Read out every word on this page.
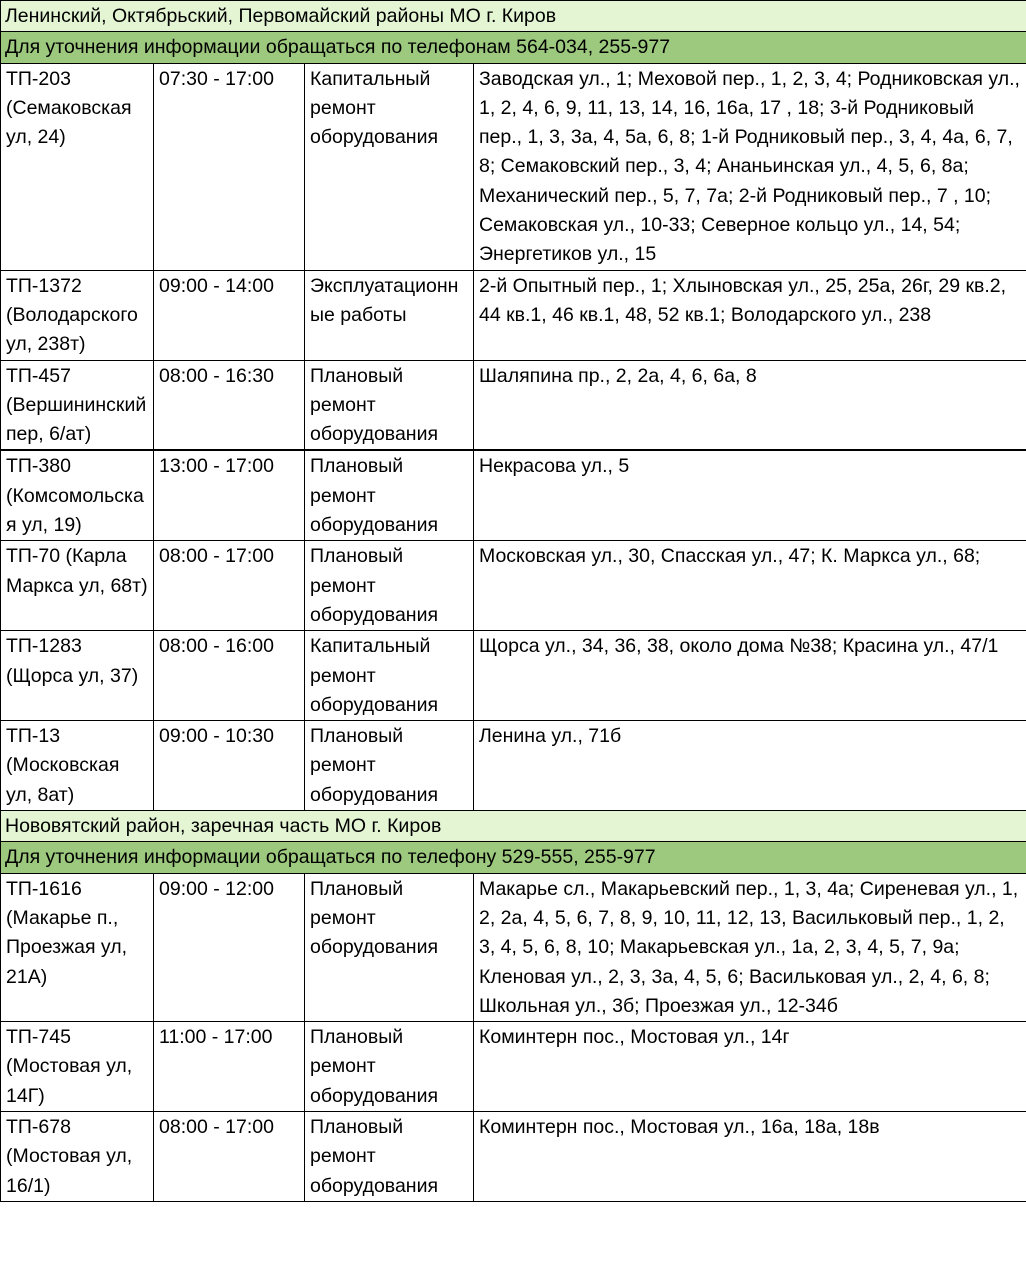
Ленинский, Октябрьский, Первомайский районы МО г. Киров			
Для уточнения информации обращаться по телефонам 564-034, 255-977			
ТП-203 (Семаковская ул, 24)	07:30 - 17:00	Капитальный ремонт оборудования	Заводская ул., 1; Меховой пер., 1, 2, 3, 4; Родниковская ул., 1, 2, 4, 6, 9, 11, 13, 14, 16, 16а, 17 , 18; 3-й Родниковый пер., 1, 3, 3а, 4, 5а, 6, 8; 1-й Родниковый пер., 3, 4, 4а, 6, 7, 8; Семаковский пер., 3, 4; Ананьинская ул., 4, 5, 6, 8а; Механический пер., 5, 7, 7а; 2-й Родниковый пер., 7 , 10; Семаковская ул., 10-33; Северное кольцо ул., 14, 54; Энергетиков ул., 15
ТП-1372 (Володарского ул, 238т)	09:00 - 14:00	Эксплуатационные работы	2-й Опытный пер., 1; Хлыновская ул., 25, 25а, 26г, 29 кв.2, 44 кв.1, 46 кв.1, 48, 52 кв.1; Володарского ул., 238
ТП-457 (Вершининский пер, 6/ат)	08:00 - 16:30	Плановый ремонт оборудования	Шаляпина пр., 2, 2а, 4, 6, 6а, 8
ТП-380 (Комсомольская ул, 19)	13:00 - 17:00	Плановый ремонт оборудования	Некрасова ул., 5
ТП-70 (Карла Маркса ул, 68т)	08:00 - 17:00	Плановый ремонт оборудования	Московская ул., 30, Спасская ул., 47; К. Маркса ул., 68;
ТП-1283 (Щорса ул, 37)	08:00 - 16:00	Капитальный ремонт оборудования	Щорса ул., 34, 36, 38, около дома №38; Красина ул., 47/1
ТП-13 (Московская ул, 8ат)	09:00 - 10:30	Плановый ремонт оборудования	Ленина ул., 71б
Нововятский район, заречная часть МО г. Киров			
Для уточнения информации обращаться по телефону 529-555, 255-977			
ТП-1616 (Макарье п., Проезжая ул, 21А)	09:00 - 12:00	Плановый ремонт оборудования	Макарье сл., Макарьевский пер., 1, 3, 4а; Сиреневая ул., 1, 2, 2а, 4, 5, 6, 7, 8, 9, 10, 11, 12, 13, Васильковый пер., 1, 2, 3, 4, 5, 6, 8, 10; Макарьевская ул., 1а, 2, 3, 4, 5, 7, 9а; Кленовая ул., 2, 3, 3а, 4, 5, 6; Васильковая ул., 2, 4, 6, 8; Школьная ул., 3б; Проезжая ул., 12-34б
ТП-745 (Мостовая ул, 14Г)	11:00 - 17:00	Плановый ремонт оборудования	Коминтерн пос., Мостовая ул., 14г
ТП-678 (Мостовая ул, 16/1)	08:00 - 17:00	Плановый ремонт оборудования	Коминтерн пос., Мостовая ул., 16а, 18а, 18в
